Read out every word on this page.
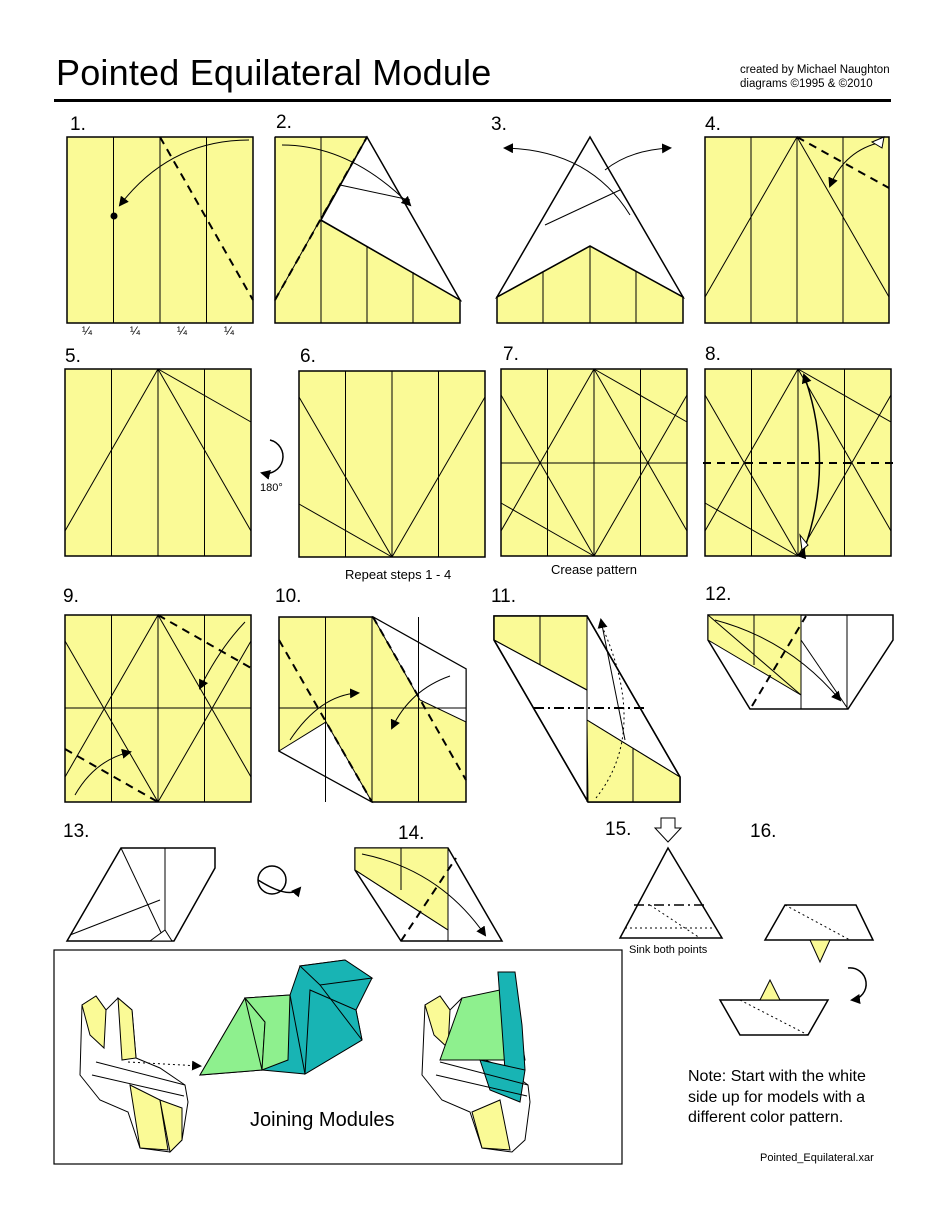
Pointed Equilateral Module	created by Michael Naughton
diagrams ©1995 & ©2010
1.	2.	3.	4.
5.	6.	7.	8.
9.	10.	11.	12.
13.	14.	15.	16.
¼	¼	¼	¼
180°
Repeat steps 1 - 4	Crease pattern
Sink both points
Joining Modules
Note: Start with the white side up for models with a different color pattern.
Pointed_Equilateral.xar
